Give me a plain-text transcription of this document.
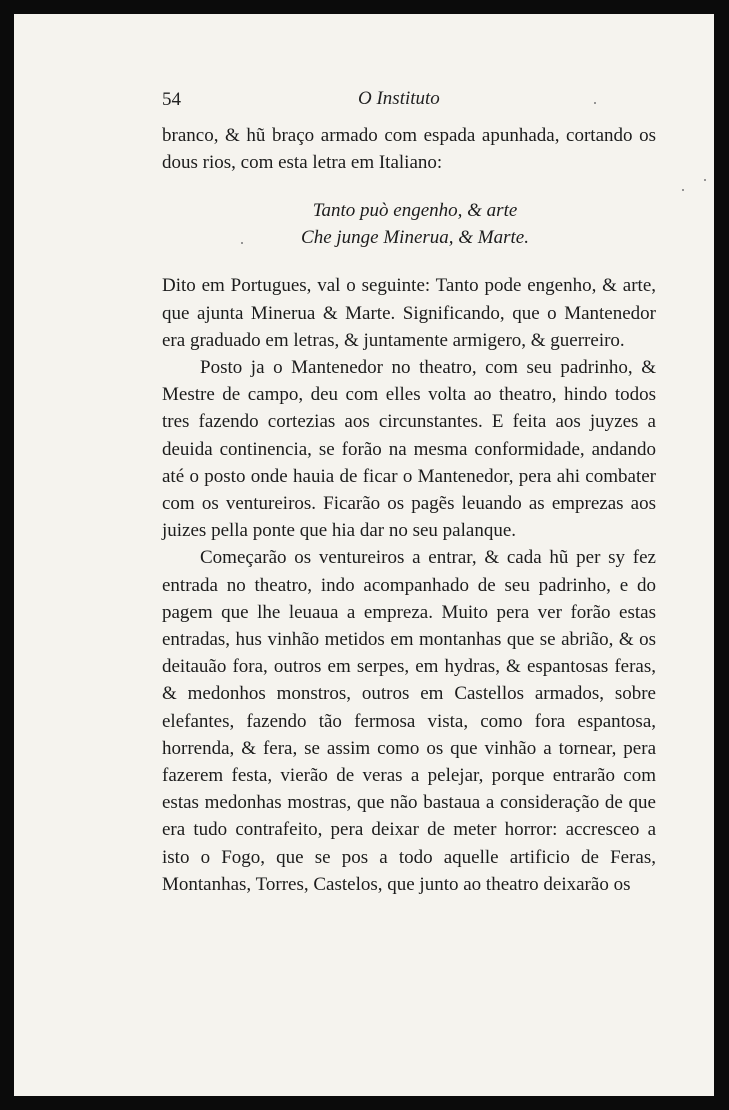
54	O Instituto

branco, & hũ braço armado com espada apunhada, cortando os dous rios, com esta letra em Italiano:

Tanto può engenho, & arte
Che junge Minerua, & Marte.

Dito em Portugues, val o seguinte: Tanto pode engenho, & arte, que ajunta Minerua & Marte. Significando, que o Mantenedor era graduado em letras, & juntamente armigero, & guerreiro.

Posto ja o Mantenedor no theatro, com seu padrinho, & Mestre de campo, deu com elles volta ao theatro, hindo todos tres fazendo cortezias aos circunstantes. E feita aos juyzes a deuida continencia, se forão na mesma conformidade, andando até o posto onde hauia de ficar o Mantenedor, pera ahi combater com os ventureiros. Ficarão os pagẽs leuando as emprezas aos juizes pella ponte que hia dar no seu palanque.

Começarão os ventureiros a entrar, & cada hũ per sy fez entrada no theatro, indo acompanhado de seu padrinho, e do pagem que lhe leuaua a empreza. Muito pera ver forão estas entradas, hus vinhão metidos em montanhas que se abrião, & os deitauão fora, outros em serpes, em hydras, & espantosas feras, & medonhos monstros, outros em Castellos armados, sobre elefantes, fazendo tão fermosa vista, como fora espantosa, horrenda, & fera, se assim como os que vinhão a tornear, pera fazerem festa, vierão de veras a pelejar, porque entrarão com estas medonhas mostras, que não bastaua a consideração de que era tudo contrafeito, pera deixar de meter horror: accresceo a isto o Fogo, que se pos a todo aquelle artificio de Feras, Montanhas, Torres, Castelos, que junto ao theatro deixarão os
